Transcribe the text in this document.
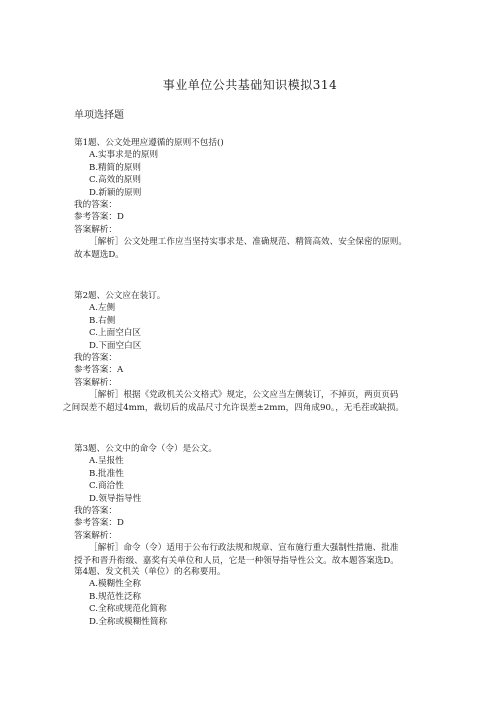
事业单位公共基础知识模拟314
单项选择题
第1题、公文处理应遵循的原则不包括()
A.实事求是的原则
B.精简的原则
C.高效的原则
D.新颖的原则
我的答案：
参考答案：D
答案解析：
［解析］公文处理工作应当坚持实事求是、准确规范、精简高效、安全保密的原则。
故本题选D。
第2题、公文应在装订。
A.左侧
B.右侧
C.上面空白区
D.下面空白区
我的答案：
参考答案：A
答案解析：
［解析］根据《党政机关公文格式》规定，公文应当左侧装订，不掉页，两页页码
之间误差不超过4mm，裁切后的成品尺寸允许误差±2mm，四角成90。，无毛茬或缺损。
第3题、公文中的命令（令）是公文。
A.呈报性
B.批准性
C.商洽性
D.领导指导性
我的答案：
参考答案：D
答案解析：
［解析］命令（令）适用于公布行政法规和规章、宣布施行重大强制性措施、批准
授予和晋升衔级、嘉奖有关单位和人员，它是一种领导指导性公文。故本题答案选D。
第4题、发文机关（单位）的名称要用。
A.模糊性全称
B.规范性泛称
C.全称或规范化简称
D.全称或模糊性简称
